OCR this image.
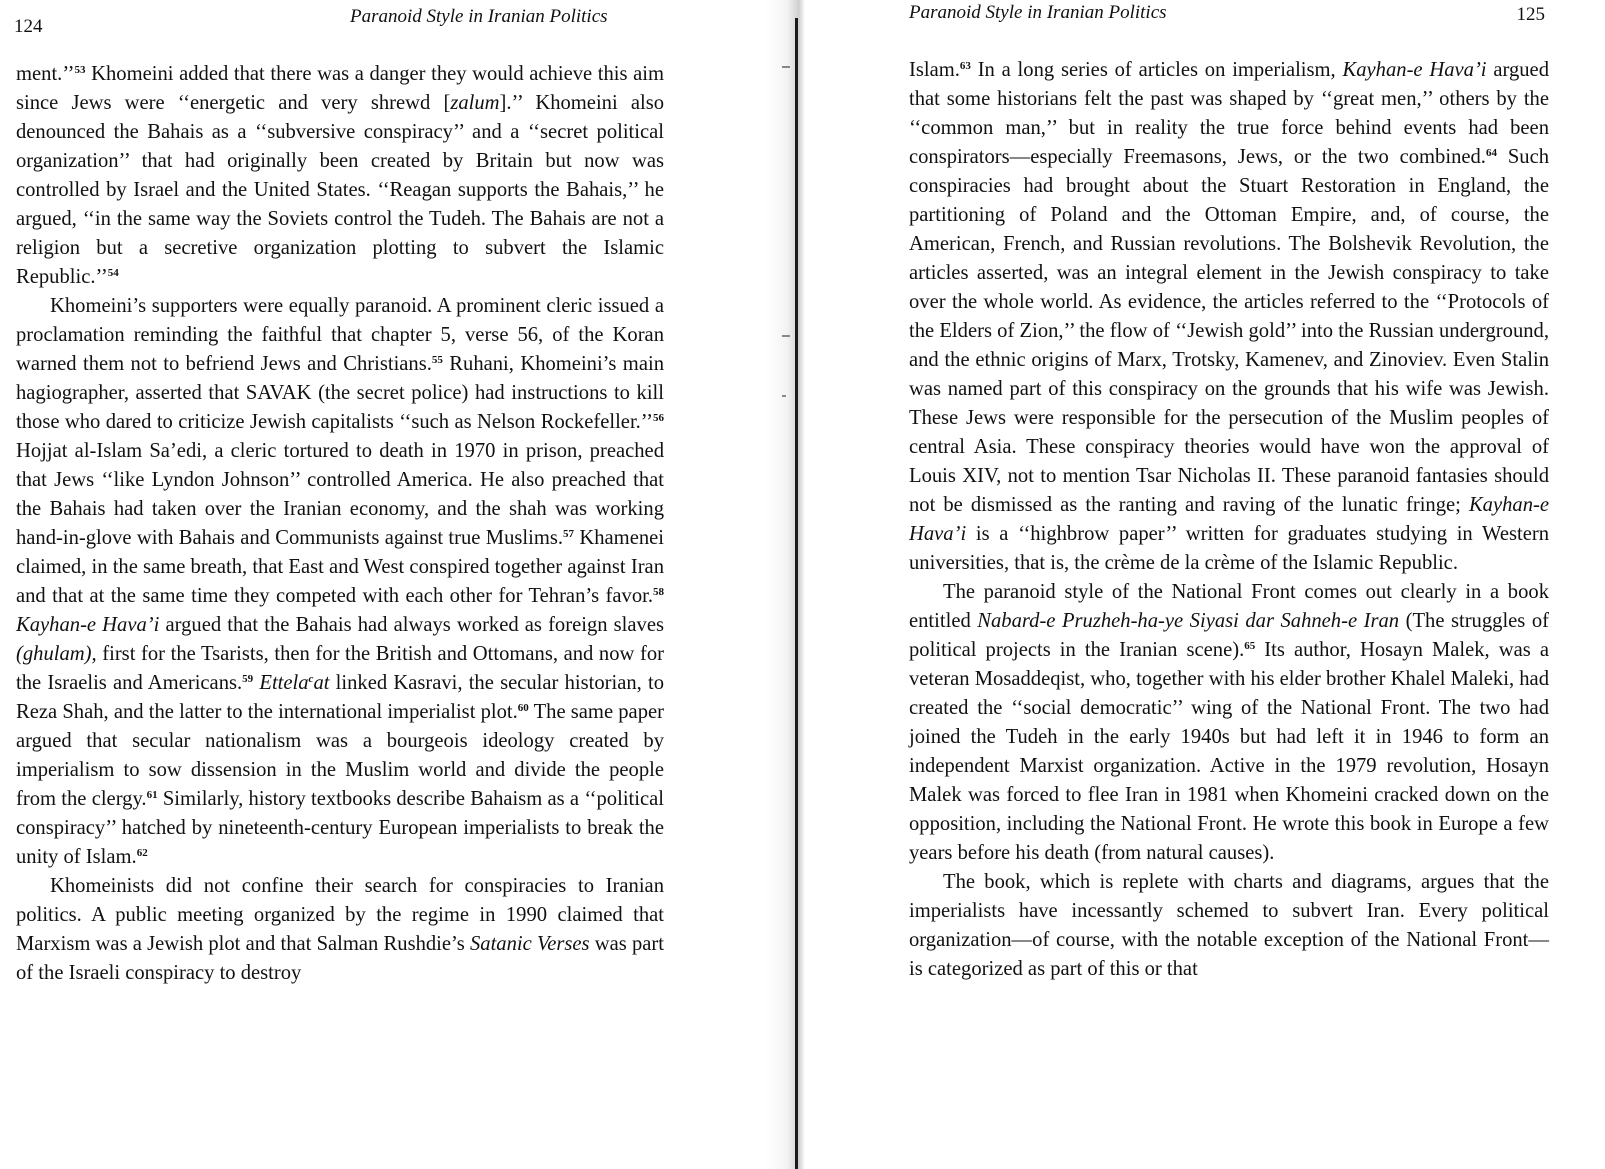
124	Paranoid Style in Iranian Politics

ment.’’$^{53}$ Khomeini added that there was a danger they would achieve this aim since Jews were ‘‘energetic and very shrewd [zalum].’’ Khomeini also denounced the Bahais as a ‘‘subversive conspiracy’’ and a ‘‘secret political organization’’ that had originally been created by Britain but now was controlled by Israel and the United States. ‘‘Reagan supports the Bahais,’’ he argued, ‘‘in the same way the Soviets control the Tudeh. The Bahais are not a religion but a secretive organization plotting to subvert the Islamic Republic.’’$^{54}$

Khomeini’s supporters were equally paranoid. A prominent cleric issued a proclamation reminding the faithful that chapter 5, verse 56, of the Koran warned them not to befriend Jews and Christians.$^{55}$ Ruhani, Khomeini’s main hagiographer, asserted that SAVAK (the secret police) had instructions to kill those who dared to criticize Jewish capitalists ‘‘such as Nelson Rockefeller.’’$^{56}$ Hojjat al-Islam Sa’edi, a cleric tortured to death in 1970 in prison, preached that Jews ‘‘like Lyndon Johnson’’ controlled America. He also preached that the Bahais had taken over the Iranian economy, and the shah was working hand-in-glove with Bahais and Communists against true Muslims.$^{57}$ Khamenei claimed, in the same breath, that East and West conspired together against Iran and that at the same time they competed with each other for Tehran’s favor.$^{58}$ Kayhan-e Hava’i argued that the Bahais had always worked as foreign slaves (ghulam), first for the Tsarists, then for the British and Ottomans, and now for the Israelis and Americans.$^{59}$ Ettela$^c$at linked Kasravi, the secular historian, to Reza Shah, and the latter to the international imperialist plot.$^{60}$ The same paper argued that secular nationalism was a bourgeois ideology created by imperialism to sow dissension in the Muslim world and divide the people from the clergy.$^{61}$ Similarly, history textbooks describe Bahaism as a ‘‘political conspiracy’’ hatched by nineteenth-century European imperialists to break the unity of Islam.$^{62}$

Khomeinists did not confine their search for conspiracies to Iranian politics. A public meeting organized by the regime in 1990 claimed that Marxism was a Jewish plot and that Salman Rushdie’s Satanic Verses was part of the Israeli conspiracy to destroy

Paranoid Style in Iranian Politics	125

Islam.$^{63}$ In a long series of articles on imperialism, Kayhan-e Hava’i argued that some historians felt the past was shaped by ‘‘great men,’’ others by the ‘‘common man,’’ but in reality the true force behind events had been conspirators—especially Freemasons, Jews, or the two combined.$^{64}$ Such conspiracies had brought about the Stuart Restoration in England, the partitioning of Poland and the Ottoman Empire, and, of course, the American, French, and Russian revolutions. The Bolshevik Revolution, the articles asserted, was an integral element in the Jewish conspiracy to take over the whole world. As evidence, the articles referred to the ‘‘Protocols of the Elders of Zion,’’ the flow of ‘‘Jewish gold’’ into the Russian underground, and the ethnic origins of Marx, Trotsky, Kamenev, and Zinoviev. Even Stalin was named part of this conspiracy on the grounds that his wife was Jewish. These Jews were responsible for the persecution of the Muslim peoples of central Asia. These conspiracy theories would have won the approval of Louis XIV, not to mention Tsar Nicholas II. These paranoid fantasies should not be dismissed as the ranting and raving of the lunatic fringe; Kayhan-e Hava’i is a ‘‘highbrow paper’’ written for graduates studying in Western universities, that is, the crème de la crème of the Islamic Republic.

The paranoid style of the National Front comes out clearly in a book entitled Nabard-e Pruzheh-ha-ye Siyasi dar Sahneh-e Iran (The struggles of political projects in the Iranian scene).$^{65}$ Its author, Hosayn Malek, was a veteran Mosaddeqist, who, together with his elder brother Khalel Maleki, had created the ‘‘social democratic’’ wing of the National Front. The two had joined the Tudeh in the early 1940s but had left it in 1946 to form an independent Marxist organization. Active in the 1979 revolution, Hosayn Malek was forced to flee Iran in 1981 when Khomeini cracked down on the opposition, including the National Front. He wrote this book in Europe a few years before his death (from natural causes).

The book, which is replete with charts and diagrams, argues that the imperialists have incessantly schemed to subvert Iran. Every political organization—of course, with the notable exception of the National Front—is categorized as part of this or that
